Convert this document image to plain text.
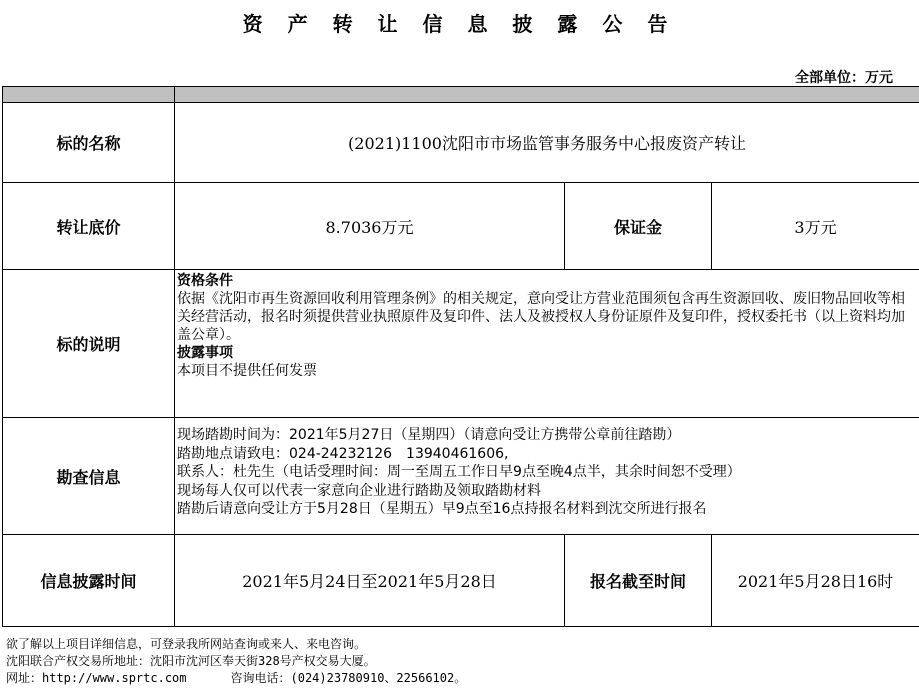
资 产 转 让 信 息 披 露 公 告
全部单位：万元

标的名称	(2021)1100沈阳市市场监管事务服务中心报废资产转让		
转让底价	8.7036万元	保证金	3万元
标的说明	资格条件
依据《沈阳市再生资源回收利用管理条例》的相关规定，意向受让方营业范围须包含再生资源回收、废旧物品回收等相关经营活动，报名时须提供营业执照原件及复印件、法人及被授权人身份证原件及复印件，授权委托书（以上资料均加盖公章）。
披露事项
本项目不提供任何发票		

勘查信息	现场踏勘时间为：2021年5月27日（星期四）（请意向受让方携带公章前往踏勘）
踏勘地点请致电：024-24232126　13940461606,
联系人：杜先生（电话受理时间：周一至周五工作日早9点至晚4点半，其余时间恕不受理）
现场每人仅可以代表一家意向企业进行踏勘及领取踏勘材料
踏勘后请意向受让方于5月28日（星期五）早9点至16点持报名材料到沈交所进行报名		

信息披露时间	2021年5月24日至2021年5月28日	报名截至时间	2021年5月28日16时
欲了解以上项目详细信息，可登录我所网站查询或来人、来电咨询。
沈阳联合产权交易所地址：沈阳市沈河区奉天街328号产权交易大厦。
网址：http://www.sprtc.com	咨询电话：(024)23780910、22566102。
